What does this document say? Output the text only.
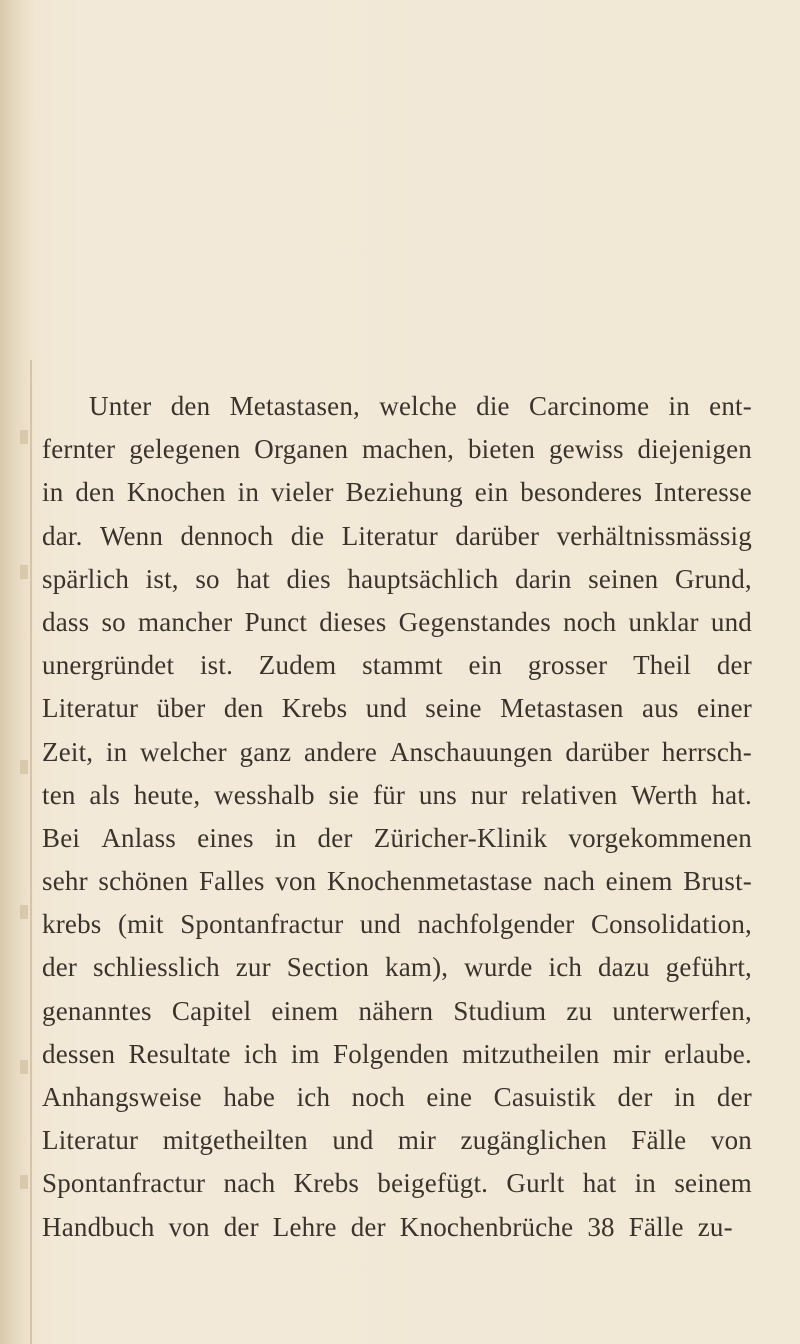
Unter den Metastasen, welche die Carcinome in ent-
fernter gelegenen Organen machen, bieten gewiss diejenigen
in den Knochen in vieler Beziehung ein besonderes Interesse
dar. Wenn dennoch die Literatur darüber verhältnissmässig
spärlich ist, so hat dies hauptsächlich darin seinen Grund,
dass so mancher Punct dieses Gegenstandes noch unklar und
unergründet ist. Zudem stammt ein grosser Theil der
Literatur über den Krebs und seine Metastasen aus einer
Zeit, in welcher ganz andere Anschauungen darüber herrsch-
ten als heute, wesshalb sie für uns nur relativen Werth hat.
Bei Anlass eines in der Züricher-Klinik vorgekommenen
sehr schönen Falles von Knochenmetastase nach einem Brust-
krebs (mit Spontanfractur und nachfolgender Consolidation,
der schliesslich zur Section kam), wurde ich dazu geführt,
genanntes Capitel einem nähern Studium zu unterwerfen,
dessen Resultate ich im Folgenden mitzutheilen mir erlaube.
Anhangsweise habe ich noch eine Casuistik der in der
Literatur mitgetheilten und mir zugänglichen Fälle von
Spontanfractur nach Krebs beigefügt. Gurlt hat in seinem
Handbuch von der Lehre der Knochenbrüche 38 Fälle zu-
